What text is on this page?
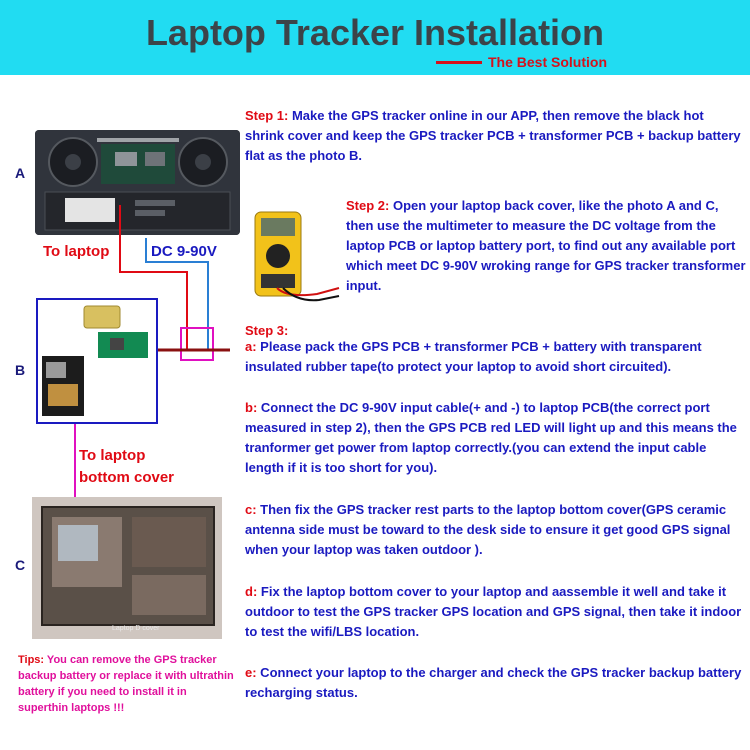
Laptop Tracker Installation
The Best Solution
A
To laptop	DC 9-90V
B
To laptop
bottom cover
C
Laptop D cover
Tips: You can remove the GPS tracker backup battery or replace it with ultrathin battery if you need to install it in superthin laptops !!!
Step 1: Make the GPS tracker online in our APP, then remove the black hot shrink cover and keep the GPS tracker PCB + transformer PCB + backup battery flat as the photo B.
Step 2: Open your laptop back cover, like the photo A and C, then use the multimeter to measure the DC voltage from the laptop PCB or laptop battery port, to find out any available port which meet DC 9-90V wroking range for GPS tracker transformer input.
Step 3:
a: Please pack the GPS PCB + transformer PCB + battery with transparent insulated rubber tape(to protect your laptop to avoid short circuited).
b: Connect the DC 9-90V input cable(+ and -) to laptop PCB(the correct port measured in step 2), then the GPS PCB red LED will light up and this means the tranformer get power from laptop correctly.(you can extend the input cable length if it is too short for you).
c: Then fix the GPS tracker rest parts to the laptop bottom cover(GPS ceramic antenna side must be toward to the desk side to ensure it get good GPS signal when your laptop was taken outdoor ).
d: Fix the laptop bottom cover to your laptop and aassemble it well and take it outdoor to test the GPS tracker GPS location and GPS signal, then take it indoor to test the wifi/LBS location.
e: Connect your laptop to the charger and check the GPS tracker backup battery recharging status.
